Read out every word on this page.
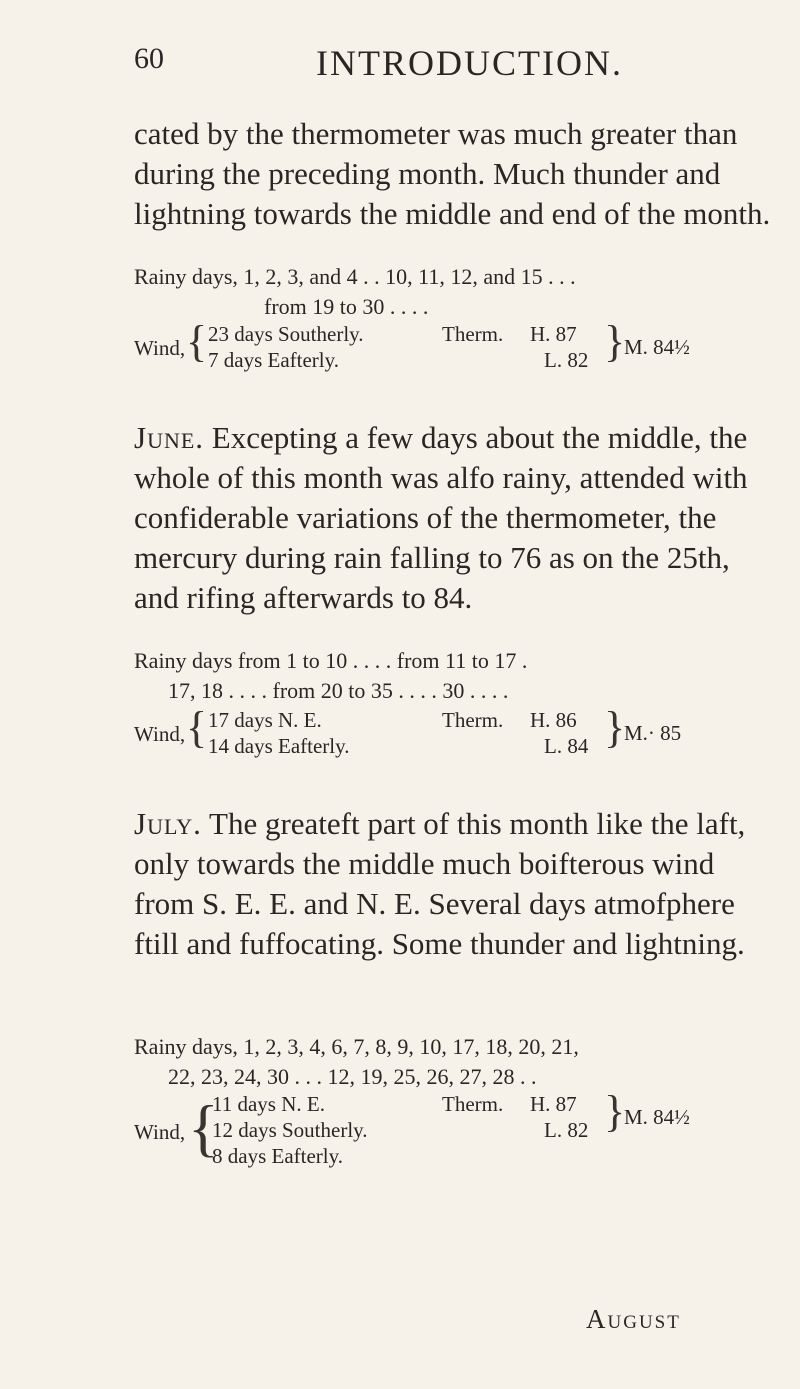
60	INTRODUCTION.

cated by the thermometer was much greater than during the preceding month. Much thunder and lightning towards the middle and end of the month.

Rainy days, 1, 2, 3, and 4 . . 10, 11, 12, and 15 . . .

from 19 to 30 . . . .

Wind, { 23 days Southerly.
7 days Eafterly.
Therm. H. 87
L. 82 }
M. 84½

June. Excepting a few days about the middle, the whole of this month was alfo rainy, attended with confiderable variations of the thermometer, the mercury during rain falling to 76 as on the 25th, and rifing afterwards to 84.

Rainy days from 1 to 10 . . . . from 11 to 17 .

17, 18 . . . . from 20 to 35 . . . . 30 . . . .

Wind, { 17 days N. E.
14 days Eafterly.
Therm. H. 86
L. 84 }
M.· 85

July. The greateft part of this month like the laft, only towards the middle much boifterous wind from S. E. E. and N. E. Several days atmofphere ftill and fuffocating. Some thunder and lightning.

Rainy days, 1, 2, 3, 4, 6, 7, 8, 9, 10, 17, 18, 20, 21,

22, 23, 24, 30 . . . 12, 19, 25, 26, 27, 28 . .

Wind, {
11 days N. E.
12 days Southerly.
8 days Eafterly.
Therm. H. 87
L. 82 }
M. 84½
August
